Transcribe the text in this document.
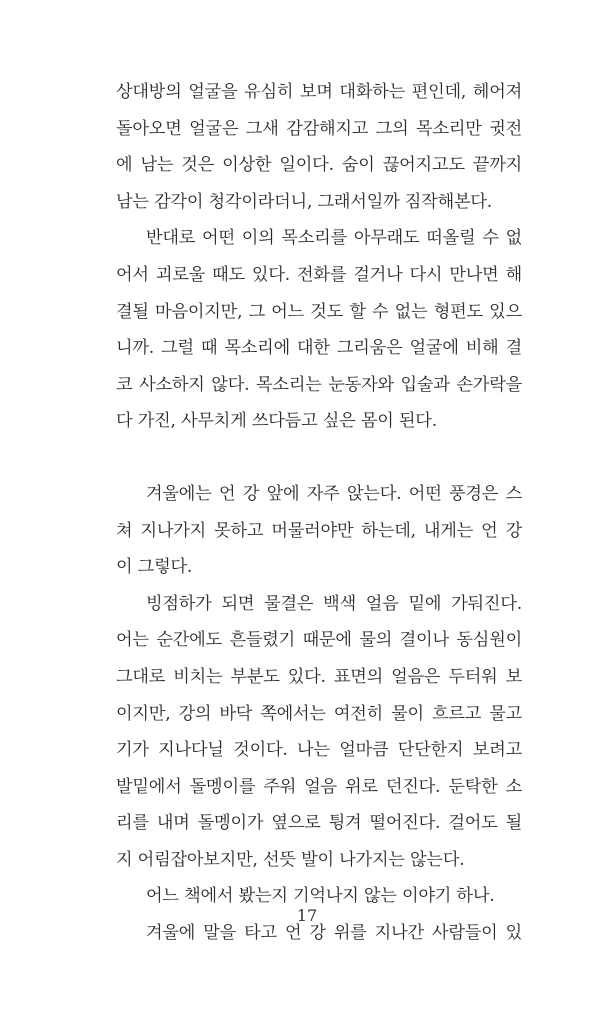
상대방의 얼굴을 유심히 보며 대화하는 편인데, 헤어져
돌아오면 얼굴은 그새 감감해지고 그의 목소리만 귓전
에 남는 것은 이상한 일이다. 숨이 끊어지고도 끝까지
남는 감각이 청각이라더니, 그래서일까 짐작해본다.
반대로 어떤 이의 목소리를 아무래도 떠올릴 수 없
어서 괴로울 때도 있다. 전화를 걸거나 다시 만나면 해
결될 마음이지만, 그 어느 것도 할 수 없는 형편도 있으
니까. 그럴 때 목소리에 대한 그리움은 얼굴에 비해 결
코 사소하지 않다. 목소리는 눈동자와 입술과 손가락을
다 가진, 사무치게 쓰다듬고 싶은 몸이 된다.
겨울에는 언 강 앞에 자주 앉는다. 어떤 풍경은 스
쳐 지나가지 못하고 머물러야만 하는데, 내게는 언 강
이 그렇다.
빙점하가 되면 물결은 백색 얼음 밑에 가둬진다.
어는 순간에도 흔들렸기 때문에 물의 결이나 동심원이
그대로 비치는 부분도 있다. 표면의 얼음은 두터워 보
이지만, 강의 바닥 쪽에서는 여전히 물이 흐르고 물고
기가 지나다닐 것이다. 나는 얼마큼 단단한지 보려고
발밑에서 돌멩이를 주워 얼음 위로 던진다. 둔탁한 소
리를 내며 돌멩이가 옆으로 튕겨 떨어진다. 걸어도 될
지 어림잡아보지만, 선뜻 발이 나가지는 않는다.
어느 책에서 봤는지 기억나지 않는 이야기 하나.
겨울에 말을 타고 언 강 위를 지나간 사람들이 있
17
